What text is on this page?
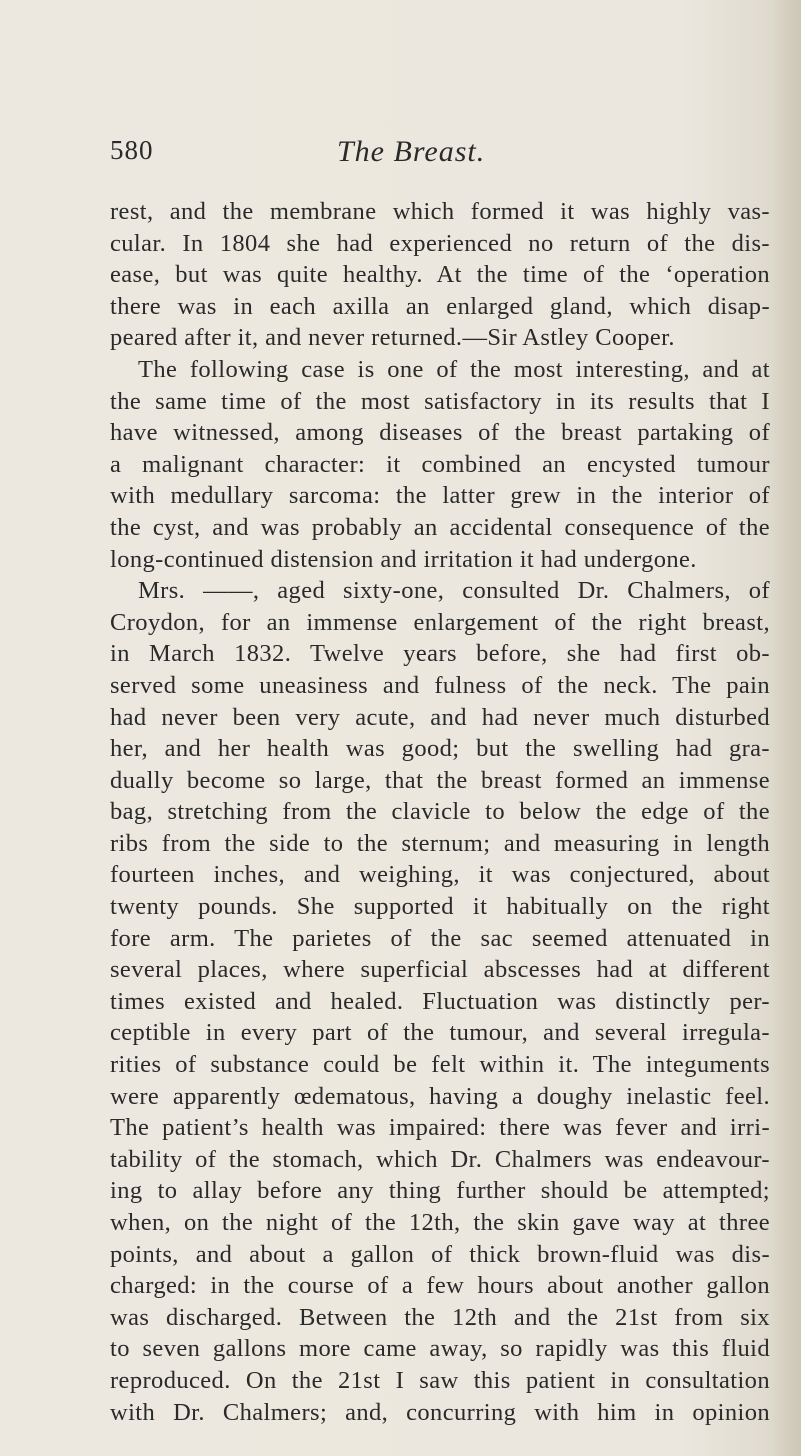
580	The Breast.
rest, and the membrane which formed it was highly vas-
cular. In 1804 she had experienced no return of the dis-
ease, but was quite healthy. At the time of the ‘operation
there was in each axilla an enlarged gland, which disap-
peared after it, and never returned.—Sir Astley Cooper.
The following case is one of the most interesting, and at
the same time of the most satisfactory in its results that I
have witnessed, among diseases of the breast partaking of
a malignant character: it combined an encysted tumour
with medullary sarcoma: the latter grew in the interior of
the cyst, and was probably an accidental consequence of the
long-continued distension and irritation it had undergone.
Mrs. ——, aged sixty-one, consulted Dr. Chalmers, of
Croydon, for an immense enlargement of the right breast,
in March 1832. Twelve years before, she had first ob-
served some uneasiness and fulness of the neck. The pain
had never been very acute, and had never much disturbed
her, and her health was good; but the swelling had gra-
dually become so large, that the breast formed an immense
bag, stretching from the clavicle to below the edge of the
ribs from the side to the sternum; and measuring in length
fourteen inches, and weighing, it was conjectured, about
twenty pounds. She supported it habitually on the right
fore arm. The parietes of the sac seemed attenuated in
several places, where superficial abscesses had at different
times existed and healed. Fluctuation was distinctly per-
ceptible in every part of the tumour, and several irregula-
rities of substance could be felt within it. The integuments
were apparently œdematous, having a doughy inelastic feel.
The patient’s health was impaired: there was fever and irri-
tability of the stomach, which Dr. Chalmers was endeavour-
ing to allay before any thing further should be attempted;
when, on the night of the 12th, the skin gave way at three
points, and about a gallon of thick brown-fluid was dis-
charged: in the course of a few hours about another gallon
was discharged. Between the 12th and the 21st from six
to seven gallons more came away, so rapidly was this fluid
reproduced. On the 21st I saw this patient in consultation
with Dr. Chalmers; and, concurring with him in opinion
